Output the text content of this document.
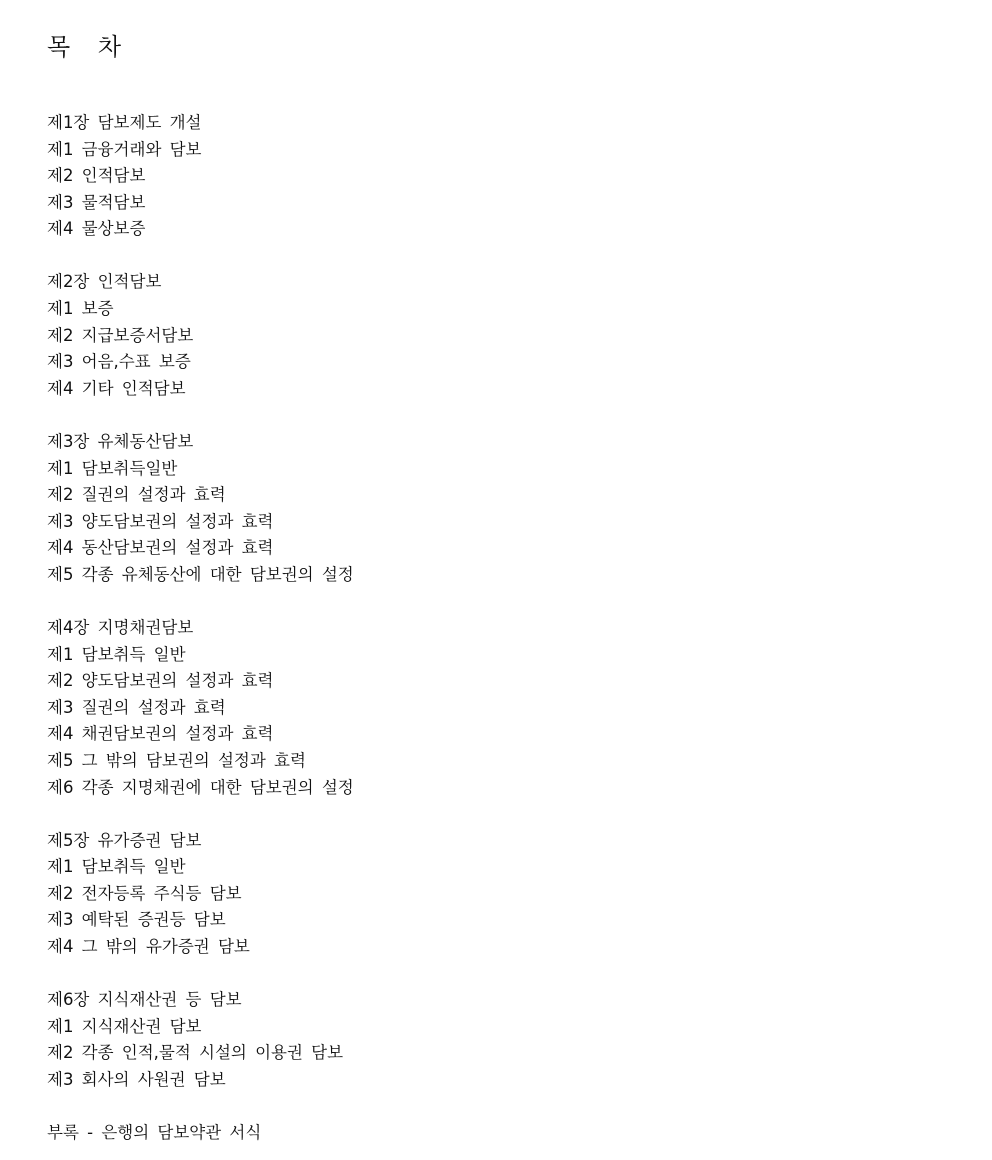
목 차
제1장 담보제도 개설
제1 금융거래와 담보
제2 인적담보
제3 물적담보
제4 물상보증
제2장 인적담보
제1 보증
제2 지급보증서담보
제3 어음,수표 보증
제4 기타 인적담보
제3장 유체동산담보
제1 담보취득일반
제2 질권의 설정과 효력
제3 양도담보권의 설정과 효력
제4 동산담보권의 설정과 효력
제5 각종 유체동산에 대한 담보권의 설정
제4장 지명채권담보
제1 담보취득 일반
제2 양도담보권의 설정과 효력
제3 질권의 설정과 효력
제4 채권담보권의 설정과 효력
제5 그 밖의 담보권의 설정과 효력
제6 각종 지명채권에 대한 담보권의 설정
제5장 유가증권 담보
제1 담보취득 일반
제2 전자등록 주식등 담보
제3 예탁된 증권등 담보
제4 그 밖의 유가증권 담보
제6장 지식재산권 등 담보
제1 지식재산권 담보
제2 각종 인적,물적 시설의 이용권 담보
제3 회사의 사원권 담보
부록 - 은행의 담보약관 서식
